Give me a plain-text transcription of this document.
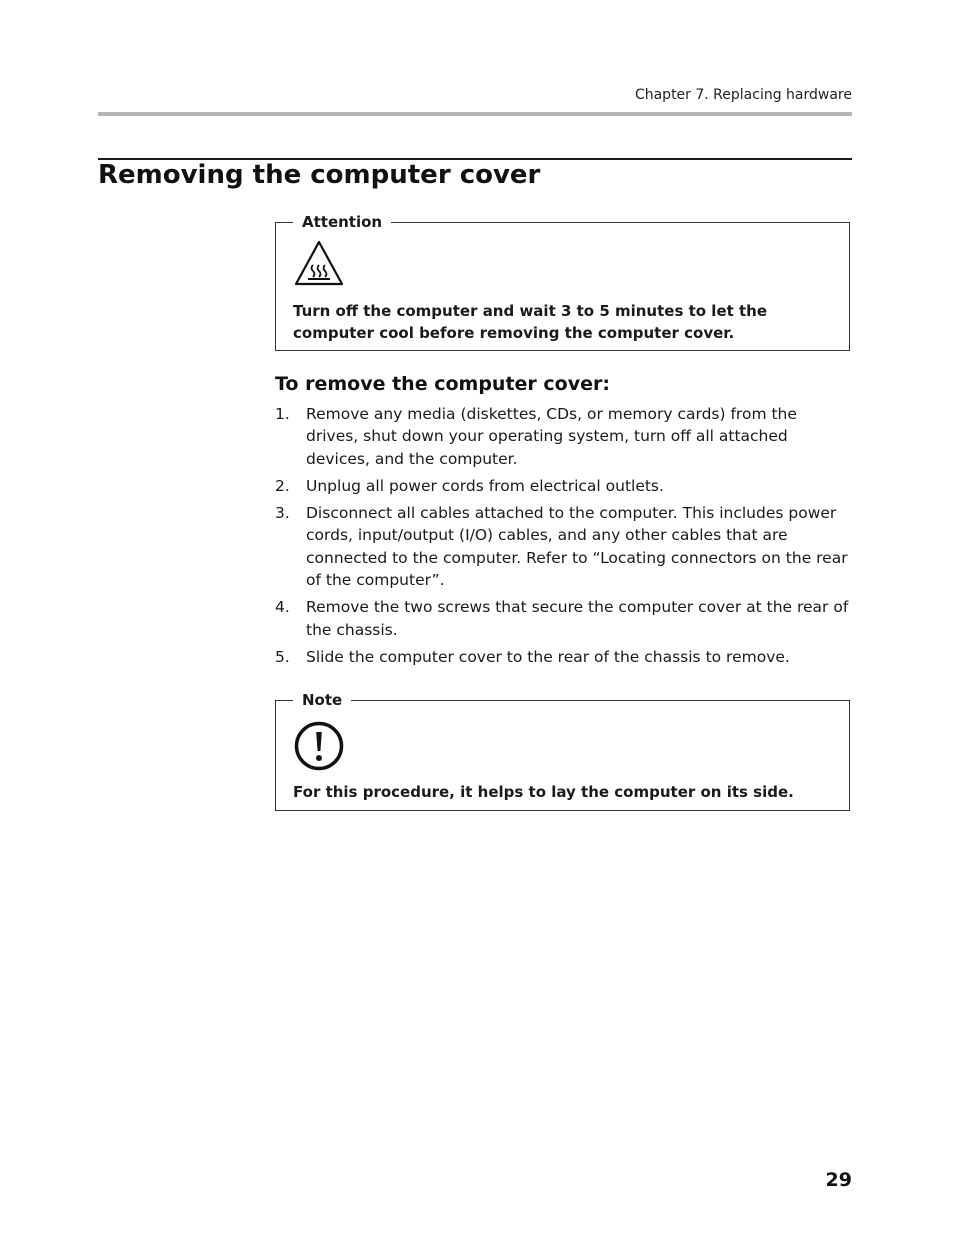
Chapter 7. Replacing hardware
Removing the computer cover
Attention
Turn off the computer and wait 3 to 5 minutes to let the computer cool before removing the computer cover.
To remove the computer cover:
1. Remove any media (diskettes, CDs, or memory cards) from the drives, shut down your operating system, turn off all attached devices, and the computer.
2. Unplug all power cords from electrical outlets.
3. Disconnect all cables attached to the computer. This includes power cords, input/output (I/O) cables, and any other cables that are connected to the computer. Refer to “Locating connectors on the rear of the computer”.
4. Remove the two screws that secure the computer cover at the rear of the chassis.
5. Slide the computer cover to the rear of the chassis to remove.
Note
For this procedure, it helps to lay the computer on its side.
29
